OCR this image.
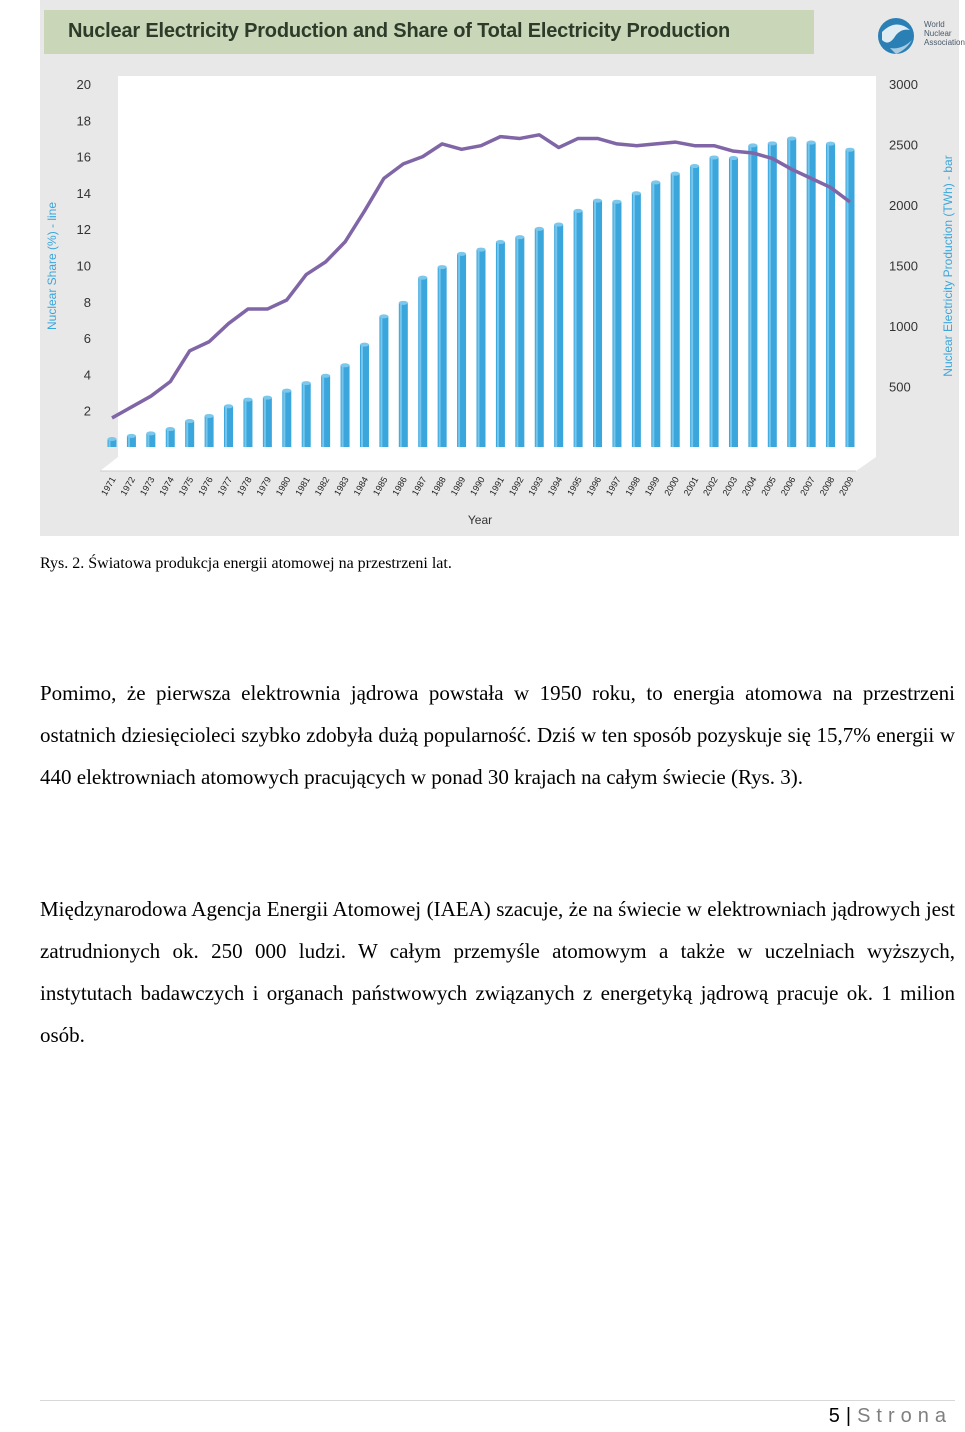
Nuclear Electricity Production and Share of Total Electricity Production	World
Nuclear
Association
2
4
6
8
10
12
14
16
18
20
500
1000
1500
2000
2500
3000
Nuclear Share (%) - line	Nuclear Electricity Production (TWh) - bar
Year
1971 1972 1973 1974 1975 1976 1977 1978 1979 1980 1981 1982 1983 1984 1985 1986 1987 1988 1989 1990 1991 1992 1993 1994 1995 1996 1997 1998 1999 2000 2001 2002 2003 2004 2005 2006 2007 2008 2009
Rys. 2. Światowa produkcja energii atomowej na przestrzeni lat.

Pomimo, że pierwsza elektrownia jądrowa powstała w 1950 roku, to energia atomowa na przestrzeni ostatnich dziesięcioleci szybko zdobyła dużą popularność. Dziś w ten sposób pozyskuje się 15,7% energii w 440 elektrowniach atomowych pracujących w ponad 30 krajach na całym świecie (Rys. 3).

Międzynarodowa Agencja Energii Atomowej (IAEA) szacuje, że na świecie w elektrowniach jądrowych jest zatrudnionych ok. 250 000 ludzi. W całym przemyśle atomowym a także w uczelniach wyższych, instytutach badawczych i organach państwowych związanych z energetyką jądrową pracuje ok. 1 milion osób.

5 | Strona
